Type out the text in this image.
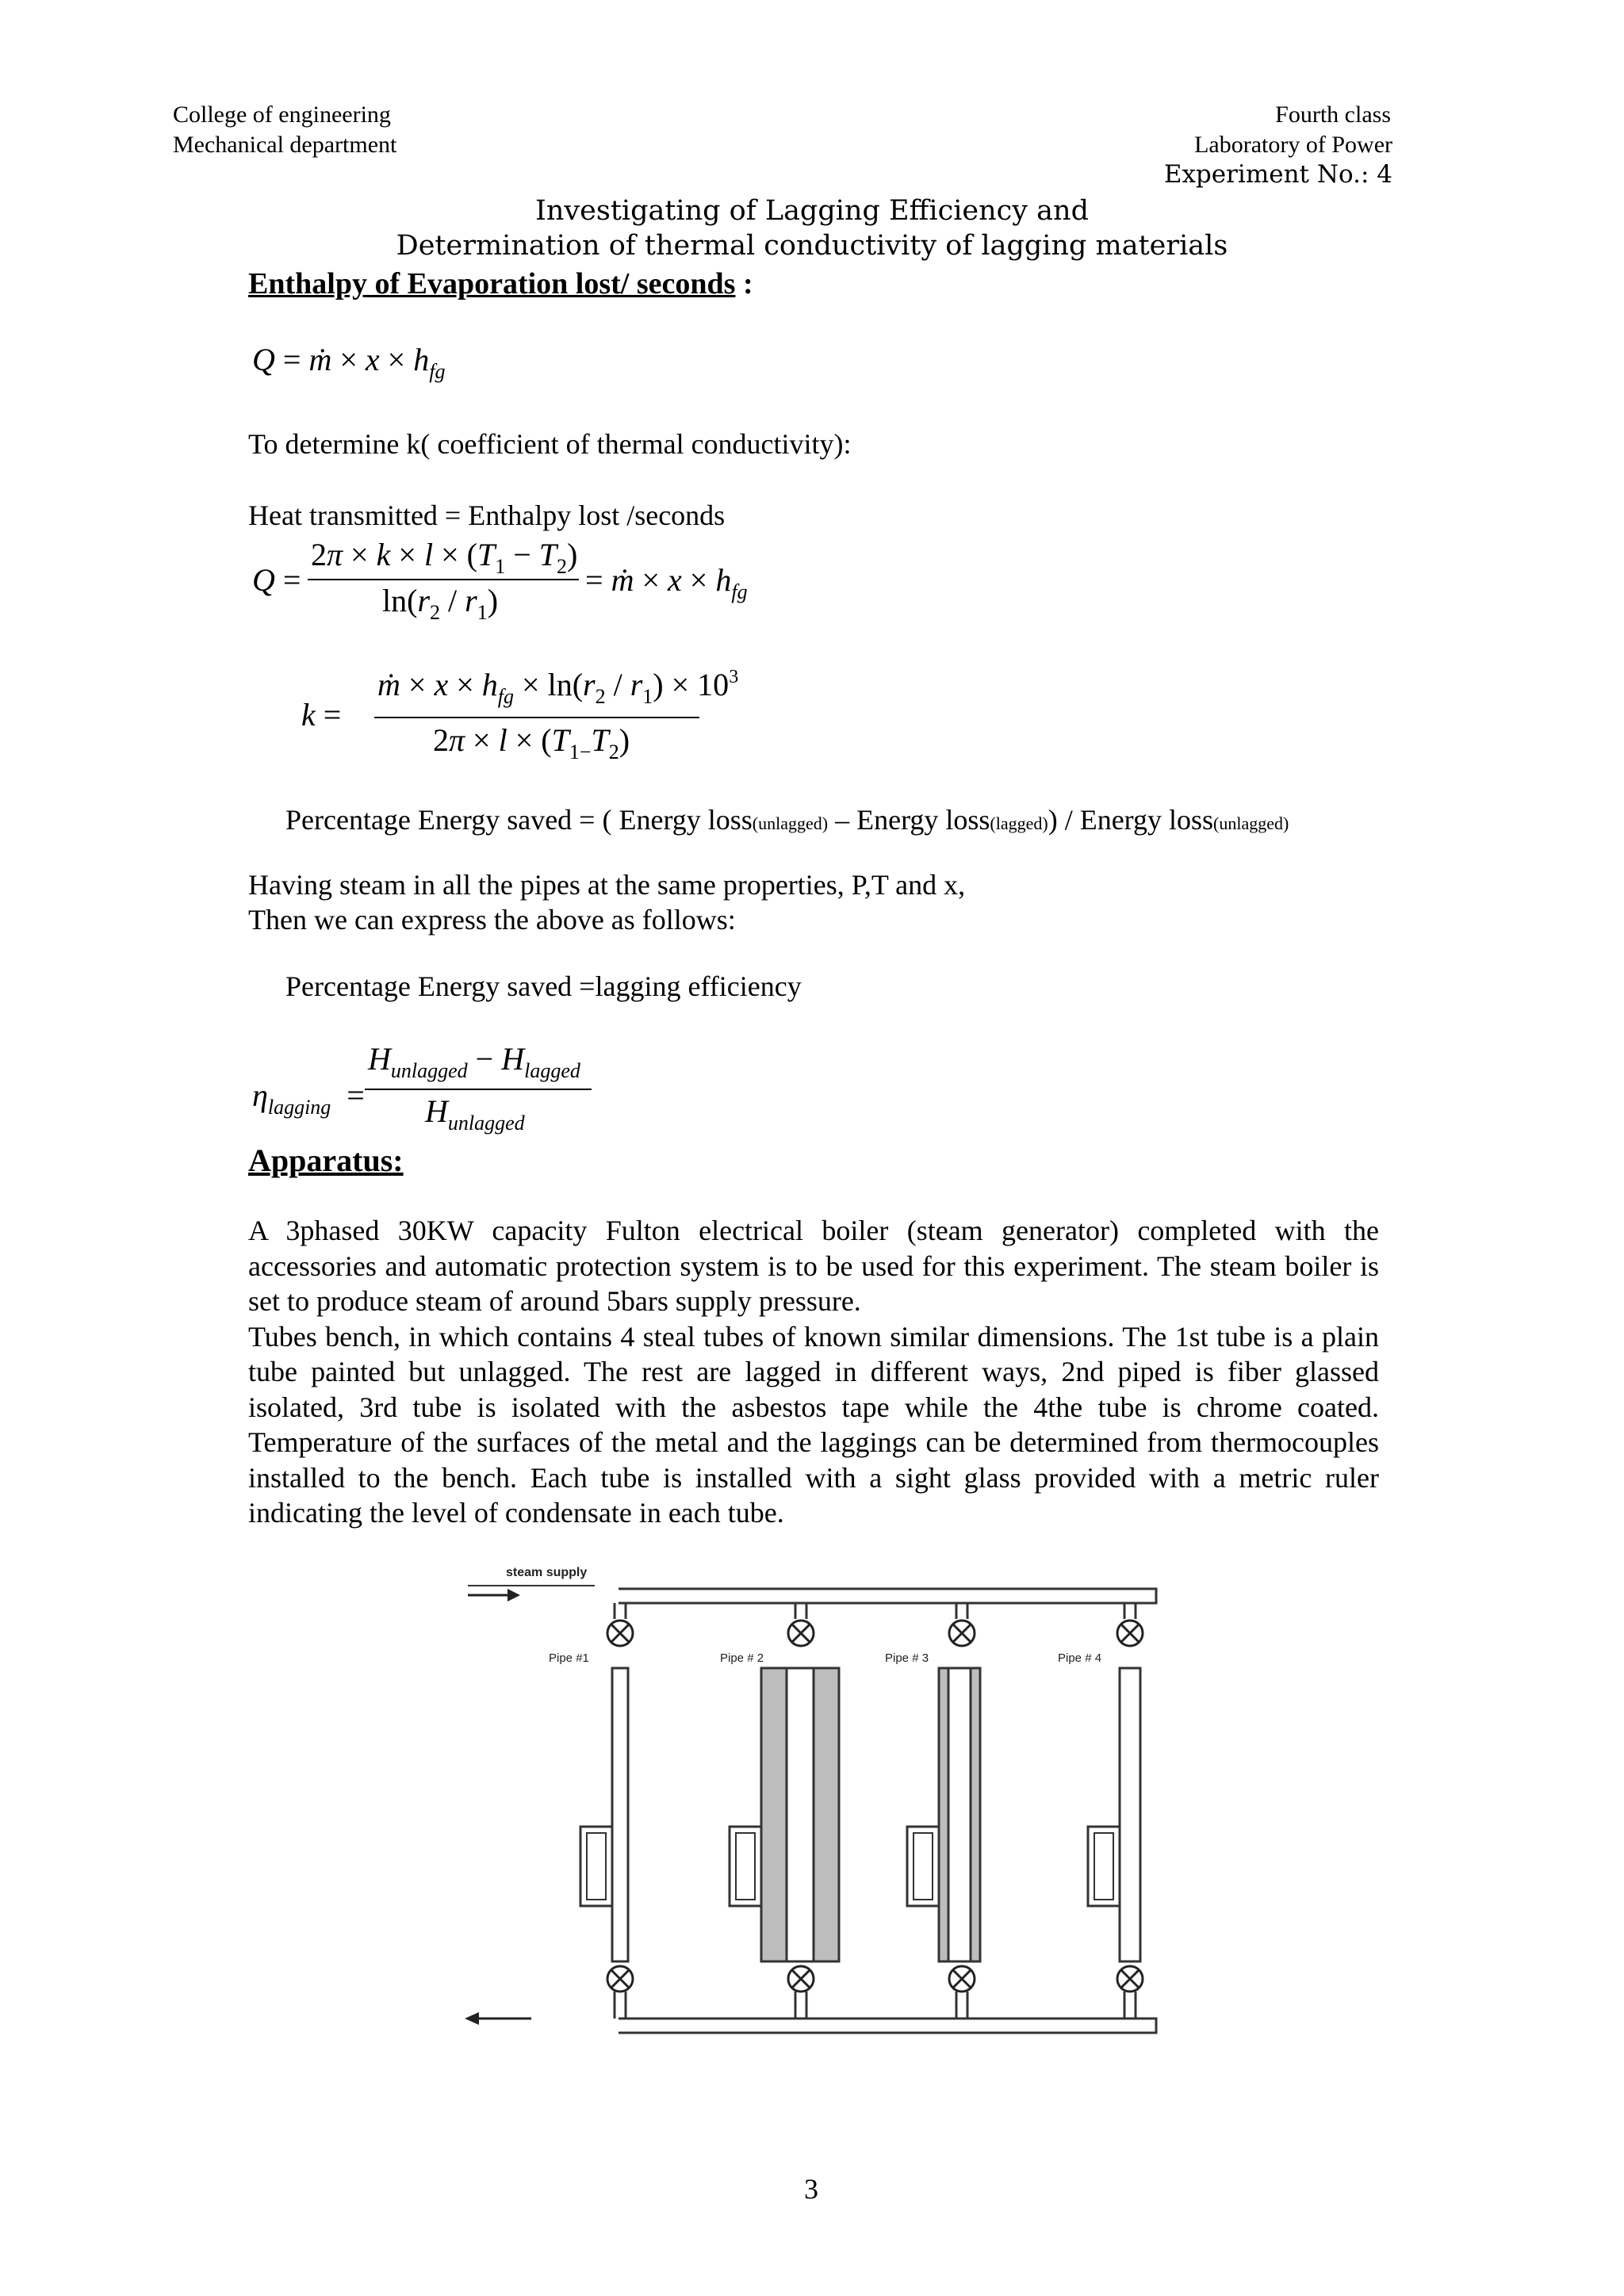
College of engineering
Mechanical department
Fourth class
Laboratory of Power
Experiment No.: 4
Investigating of Lagging Efficiency and
Determination of thermal conductivity of lagging materials
Enthalpy of Evaporation lost/ seconds :
Q = ṁ × $x \times h_{fg}$
To determine k( coefficient of thermal conductivity):
Heat transmitted = Enthalpy lost /seconds
Q =
$2\pi \times k \times l \times (T_1 - T_2)$
$\ln(r_2 / r_1)$
= ṁ × $x \times h_{fg}$
k =
ṁ × $x \times h_{fg} \times \ln(r_2 / r_1) \times 10^3$
$2\pi \times l \times (T_{1-}T_2)$
Percentage Energy saved = ( Energy loss(unlagged) – Energy loss(lagged)) / Energy loss(unlagged)
Having steam in all the pipes at the same properties, P,T and x,
Then we can express the above as follows:
Percentage Energy saved =lagging efficiency
$\eta_{lagging}$ =
$H_{unlagged} - H_{lagged}$
$H_{unlagged}$
Apparatus:
A 3phased 30KW capacity Fulton electrical boiler (steam generator) completed with the accessories and automatic protection system is to be used for this experiment. The steam boiler is set to produce steam of around 5bars supply pressure.
Tubes bench, in which contains 4 steal tubes of known similar dimensions. The 1st tube is a plain tube painted but unlagged. The rest are lagged in different ways, 2nd piped is fiber glassed isolated, 3rd tube is isolated with the asbestos tape while the 4the tube is chrome coated. Temperature of the surfaces of the metal and the laggings can be determined from thermocouples installed to the bench. Each tube is installed with a sight glass provided with a metric ruler indicating the level of condensate in each tube.
steam supply
Pipe #1	Pipe # 2	Pipe # 3	Pipe # 4
3
